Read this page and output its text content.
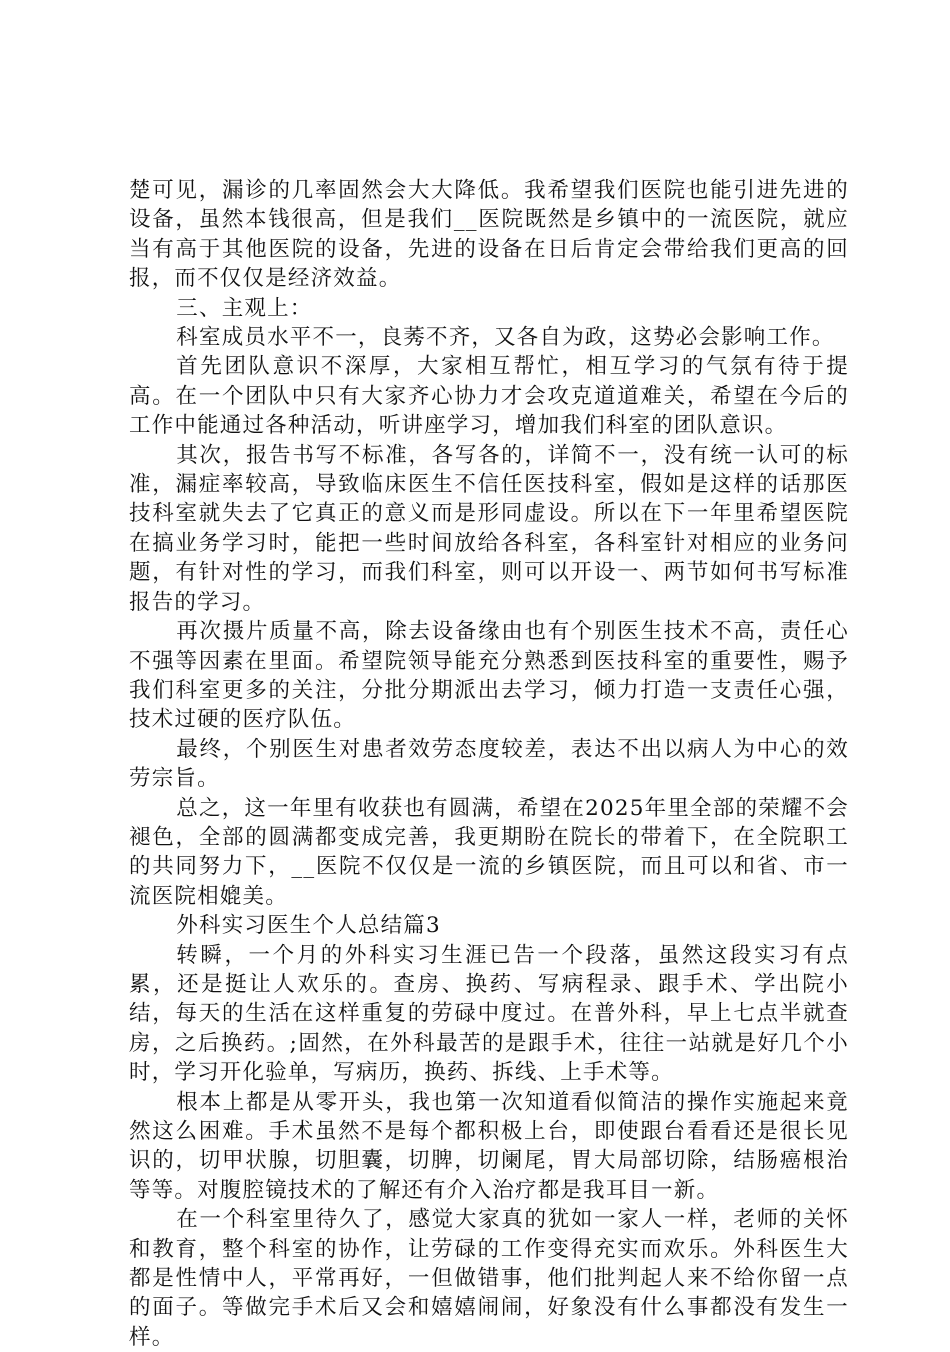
楚可见，漏诊的几率固然会大大降低。我希望我们医院也能引进先进的设备，虽然本钱很高，但是我们__医院既然是乡镇中的一流医院，就应当有高于其他医院的设备，先进的设备在日后肯定会带给我们更高的回报，而不仅仅是经济效益。

三、主观上：

科室成员水平不一，良莠不齐，又各自为政，这势必会影响工作。

首先团队意识不深厚，大家相互帮忙，相互学习的气氛有待于提高。在一个团队中只有大家齐心协力才会攻克道道难关，希望在今后的工作中能通过各种活动，听讲座学习，增加我们科室的团队意识。

其次，报告书写不标准，各写各的，详简不一，没有统一认可的标准，漏症率较高，导致临床医生不信任医技科室，假如是这样的话那医技科室就失去了它真正的意义而是形同虚设。所以在下一年里希望医院在搞业务学习时，能把一些时间放给各科室，各科室针对相应的业务问题，有针对性的学习，而我们科室，则可以开设一、两节如何书写标准报告的学习。

再次摄片质量不高，除去设备缘由也有个别医生技术不高，责任心不强等因素在里面。希望院领导能充分熟悉到医技科室的重要性，赐予我们科室更多的关注，分批分期派出去学习，倾力打造一支责任心强，技术过硬的医疗队伍。

最终，个别医生对患者效劳态度较差，表达不出以病人为中心的效劳宗旨。

总之，这一年里有收获也有圆满，希望在2025年里全部的荣耀不会褪色，全部的圆满都变成完善，我更期盼在院长的带着下，在全院职工的共同努力下，__医院不仅仅是一流的乡镇医院，而且可以和省、市一流医院相媲美。

外科实习医生个人总结篇3

转瞬，一个月的外科实习生涯已告一个段落，虽然这段实习有点累，还是挺让人欢乐的。查房、换药、写病程录、跟手术、学出院小结，每天的生活在这样重复的劳碌中度过。在普外科，早上七点半就查房，之后换药。;固然，在外科最苦的是跟手术，往往一站就是好几个小时，学习开化验单，写病历，换药、拆线、上手术等。

根本上都是从零开头，我也第一次知道看似简洁的操作实施起来竟然这么困难。手术虽然不是每个都积极上台，即使跟台看看还是很长见识的，切甲状腺，切胆囊，切脾，切阑尾，胃大局部切除，结肠癌根治等等。对腹腔镜技术的了解还有介入治疗都是我耳目一新。

在一个科室里待久了，感觉大家真的犹如一家人一样，老师的关怀和教育，整个科室的协作，让劳碌的工作变得充实而欢乐。外科医生大都是性情中人，平常再好，一但做错事，他们批判起人来不给你留一点的面子。等做完手术后又会和嬉嬉闹闹，好象没有什么事都没有发生一样。
